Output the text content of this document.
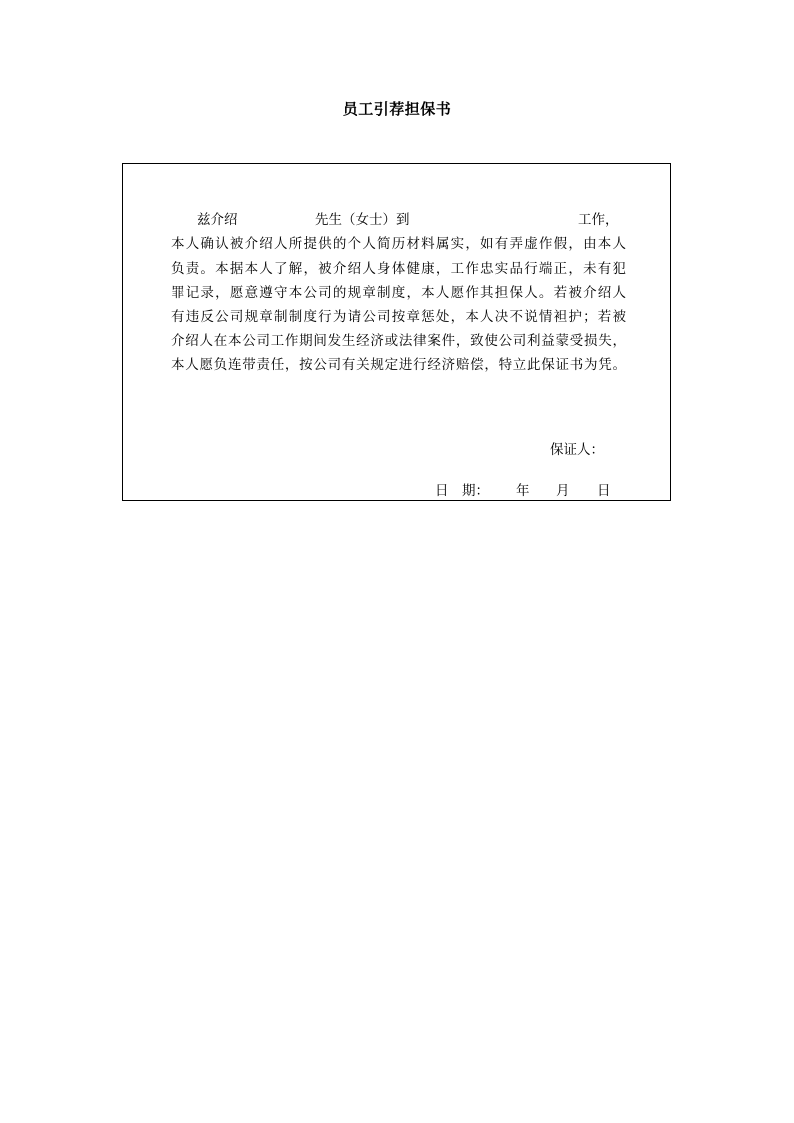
员工引荐担保书
兹介绍	先生（女士）到	工作，
本人确认被介绍人所提供的个人简历材料属实，如有弄虚作假，由本人
负责。本据本人了解，被介绍人身体健康，工作忠实品行端正，未有犯
罪记录，愿意遵守本公司的规章制度，本人愿作其担保人。若被介绍人
有违反公司规章制制度行为请公司按章惩处，本人决不说情袒护；若被
介绍人在本公司工作期间发生经济或法律案件，致使公司利益蒙受损失，
本人愿负连带责任，按公司有关规定进行经济赔偿，特立此保证书为凭。
保证人：
日　期： 年 月 日
